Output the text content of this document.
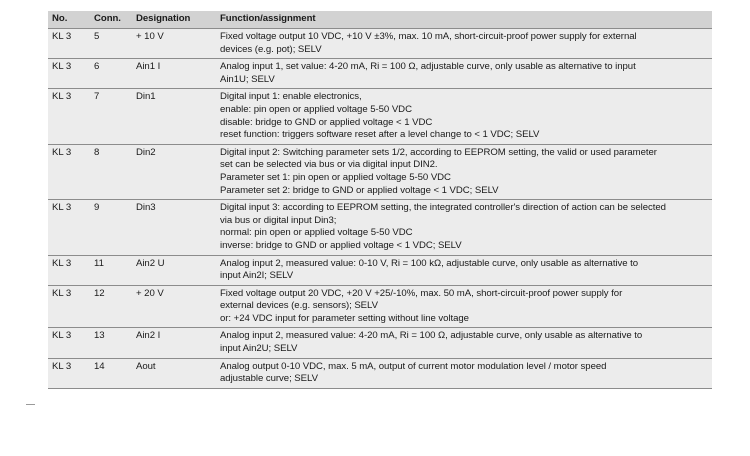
No.	Conn.	Designation	Function/assignment
KL 3	5	+ 10 V	Fixed voltage output 10 VDC, +10 V ±3%, max. 10 mA, short-circuit-proof power supply for external
devices (e.g. pot); SELV

KL 3	6	Ain1 I	Analog input 1, set value: 4-20 mA, Ri = 100 Ω, adjustable curve, only usable as alternative to input
Ain1U; SELV

KL 3	7	Din1	Digital input 1: enable electronics,
enable: pin open or applied voltage 5-50 VDC
disable: bridge to GND or applied voltage < 1 VDC
reset function: triggers software reset after a level change to < 1 VDC; SELV

KL 3	8	Din2	Digital input 2: Switching parameter sets 1/2, according to EEPROM setting, the valid or used parameter
set can be selected via bus or via digital input DIN2.
Parameter set 1: pin open or applied voltage 5-50 VDC
Parameter set 2: bridge to GND or applied voltage < 1 VDC; SELV

KL 3	9	Din3	Digital input 3: according to EEPROM setting, the integrated controller's direction of action can be selected
via bus or digital input Din3;
normal: pin open or applied voltage 5-50 VDC
inverse: bridge to GND or applied voltage < 1 VDC; SELV

KL 3	11	Ain2 U	Analog input 2, measured value: 0-10 V, Ri = 100 kΩ, adjustable curve, only usable as alternative to
input Ain2I; SELV

KL 3	12	+ 20 V	Fixed voltage output 20 VDC, +20 V +25/-10%, max. 50 mA, short-circuit-proof power supply for
external devices (e.g. sensors); SELV
or: +24 VDC input for parameter setting without line voltage

KL 3	13	Ain2 I	Analog input 2, measured value: 4-20 mA, Ri = 100 Ω, adjustable curve, only usable as alternative to
input Ain2U; SELV

KL 3	14	Aout	Analog output 0-10 VDC, max. 5 mA, output of current motor modulation level / motor speed
adjustable curve; SELV
